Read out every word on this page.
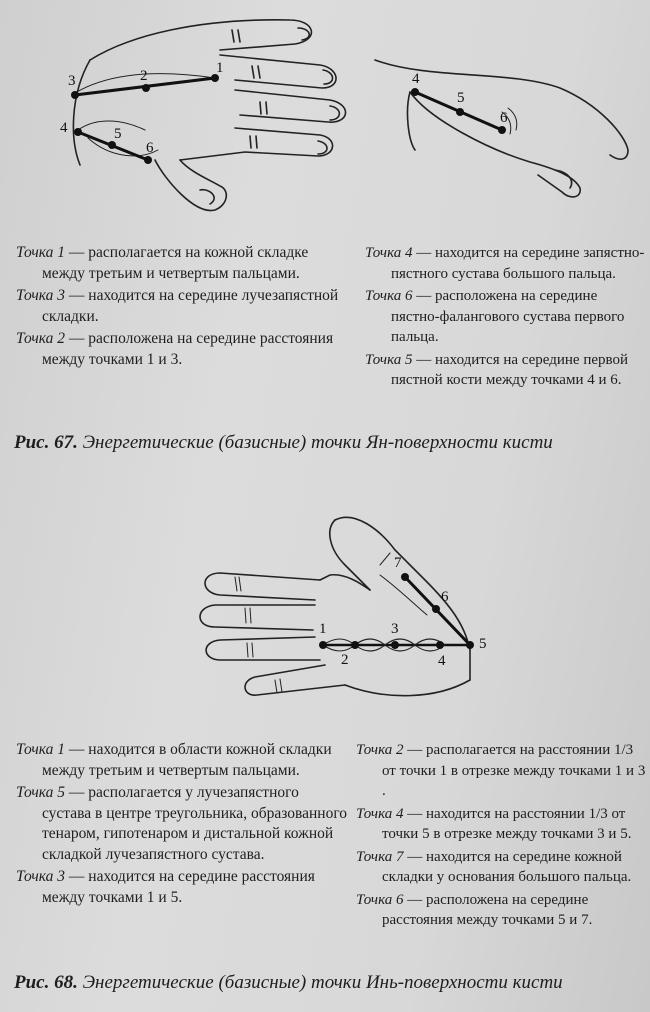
1
2
3
4	5
6
4
5
6

Точка 1 — располагается на кожной складке между третьим и четвертым пальцами.

Точка 3 — находится на середине лучезапястной складки.

Точка 2 — расположена на середине расстояния между точками 1 и 3.

Точка 4 — находится на середине запястно-пястного сустава большого пальца.

Точка 6 — расположена на середине пястно-фалангового сустава первого пальца.

Точка 5 — находится на середине первой пястной кости между точками 4 и 6.

Рис. 67. Энергетические (базисные) точки Ян-поверхности кисти
1
2
3
4
5
6
7

Точка 1 — находится в области кожной складки между третьим и четвертым пальцами.

Точка 5 — располагается у лучезапястного сустава в центре треугольника, образованного тенаром, гипотенаром и дистальной кожной складкой лучезапястного сустава.

Точка 3 — находится на середине расстояния между точками 1 и 5.

Точка 2 — располагается на расстоянии 1/3 от точки 1 в отрезке между точками 1 и 3 .

Точка 4 — находится на расстоянии 1/3 от точки 5 в отрезке между точками 3 и 5.

Точка 7 — находится на середине кожной складки у основания большого пальца.

Точка 6 — расположена на середине расстояния между точками 5 и 7.

Рис. 68. Энергетические (базисные) точки Инь-поверхности кисти
